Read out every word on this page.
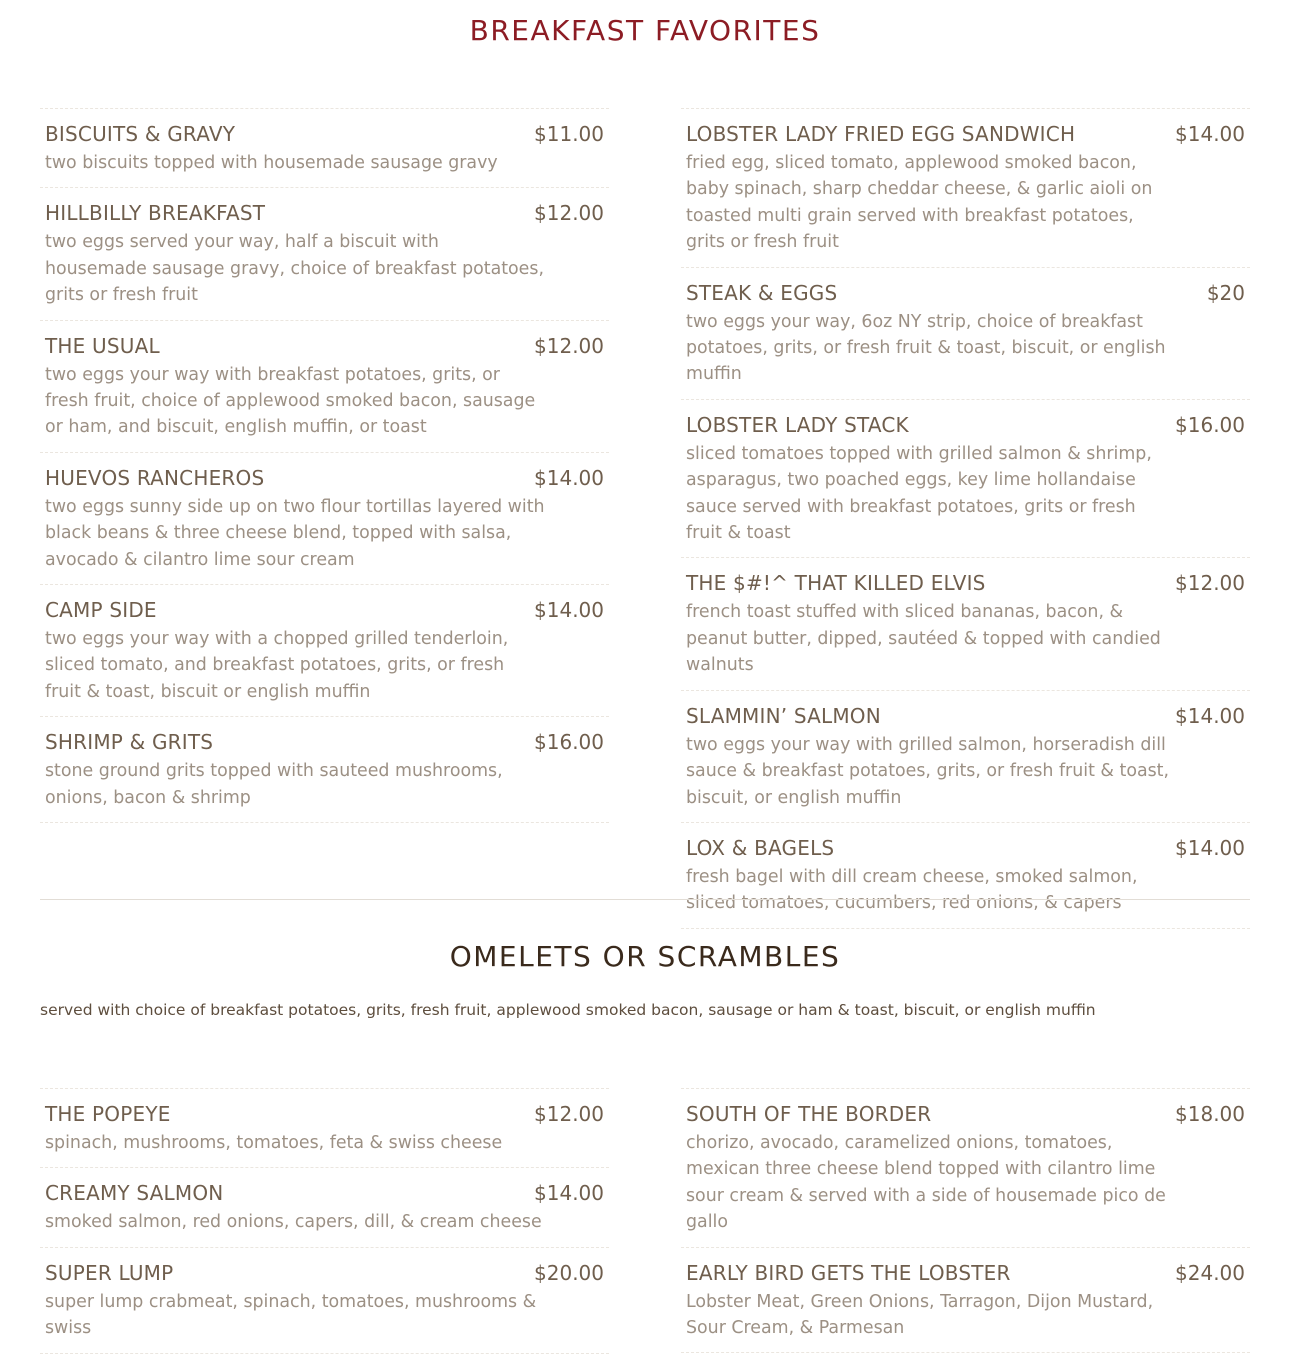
BREAKFAST FAVORITES
BISCUITS & GRAVY	$11.00

two biscuits topped with housemade sausage gravy

HILLBILLY BREAKFAST	$12.00

two eggs served your way, half a biscuit with housemade sausage gravy, choice of breakfast potatoes, grits or fresh fruit

THE USUAL	$12.00

two eggs your way with breakfast potatoes, grits, or fresh fruit, choice of applewood smoked bacon, sausage or ham, and biscuit, english muffin, or toast

HUEVOS RANCHEROS	$14.00

two eggs sunny side up on two flour tortillas layered with black beans & three cheese blend, topped with salsa, avocado & cilantro lime sour cream

CAMP SIDE	$14.00

two eggs your way with a chopped grilled tenderloin, sliced tomato, and breakfast potatoes, grits, or fresh fruit & toast, biscuit or english muffin

SHRIMP & GRITS	$16.00

stone ground grits topped with sauteed mushrooms, onions, bacon & shrimp

LOBSTER LADY FRIED EGG SANDWICH	$14.00

fried egg, sliced tomato, applewood smoked bacon, baby spinach, sharp cheddar cheese, & garlic aioli on toasted multi grain served with breakfast potatoes, grits or fresh fruit

STEAK & EGGS	$20

two eggs your way, 6oz NY strip, choice of breakfast potatoes, grits, or fresh fruit & toast, biscuit, or english muffin

LOBSTER LADY STACK	$16.00

sliced tomatoes topped with grilled salmon & shrimp, asparagus, two poached eggs, key lime hollandaise sauce served with breakfast potatoes, grits or fresh fruit & toast

THE $#!^ THAT KILLED ELVIS	$12.00

french toast stuffed with sliced bananas, bacon, & peanut butter, dipped, sautéed & topped with candied walnuts

SLAMMIN’ SALMON	$14.00

two eggs your way with grilled salmon, horseradish dill sauce & breakfast potatoes, grits, or fresh fruit & toast, biscuit, or english muffin

LOX & BAGELS	$14.00

fresh bagel with dill cream cheese, smoked salmon, sliced tomatoes, cucumbers, red onions, & capers

OMELETS OR SCRAMBLES

served with choice of breakfast potatoes, grits, fresh fruit, applewood smoked bacon, sausage or ham & toast, biscuit, or english muffin

THE POPEYE	$12.00

spinach, mushrooms, tomatoes, feta & swiss cheese

CREAMY SALMON	$14.00

smoked salmon, red onions, capers, dill, & cream cheese

SUPER LUMP	$20.00

super lump crabmeat, spinach, tomatoes, mushrooms & swiss

SOUTH OF THE BORDER	$18.00

chorizo, avocado, caramelized onions, tomatoes, mexican three cheese blend topped with cilantro lime sour cream & served with a side of housemade pico de gallo

EARLY BIRD GETS THE LOBSTER	$24.00

Lobster Meat, Green Onions, Tarragon, Dijon Mustard, Sour Cream, & Parmesan
